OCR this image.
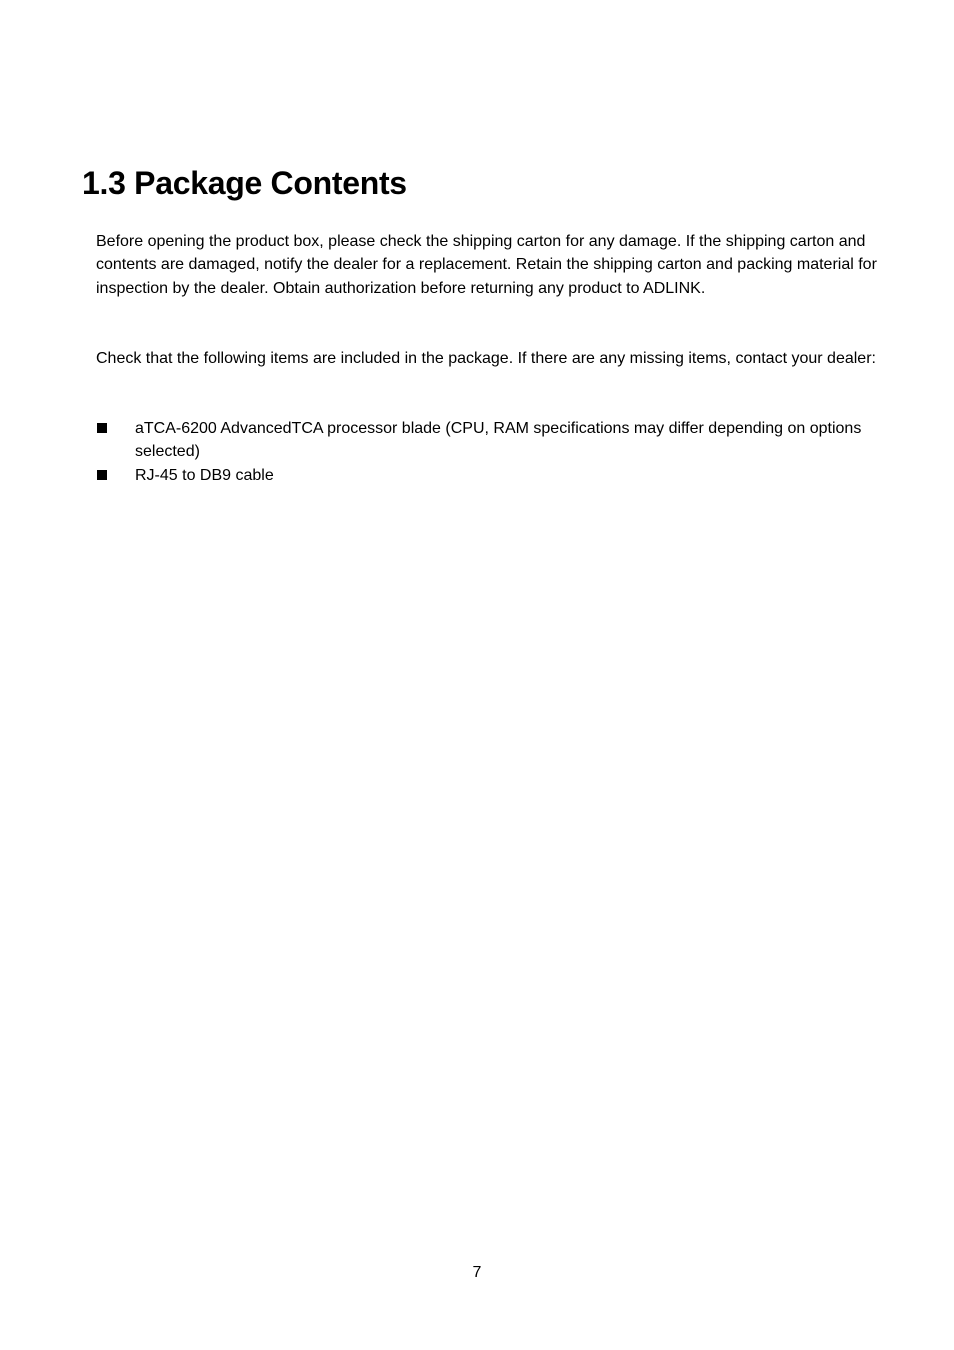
1.3 Package Contents

Before opening the product box, please check the shipping carton for any damage. If the shipping carton and contents are damaged, notify the dealer for a replacement. Retain the shipping carton and packing material for inspection by the dealer. Obtain authorization before returning any product to ADLINK.

Check that the following items are included in the package. If there are any missing items, contact your dealer:

aTCA-6200 AdvancedTCA processor blade (CPU, RAM specifications may differ depending on options selected)
RJ-45 to DB9 cable
7
